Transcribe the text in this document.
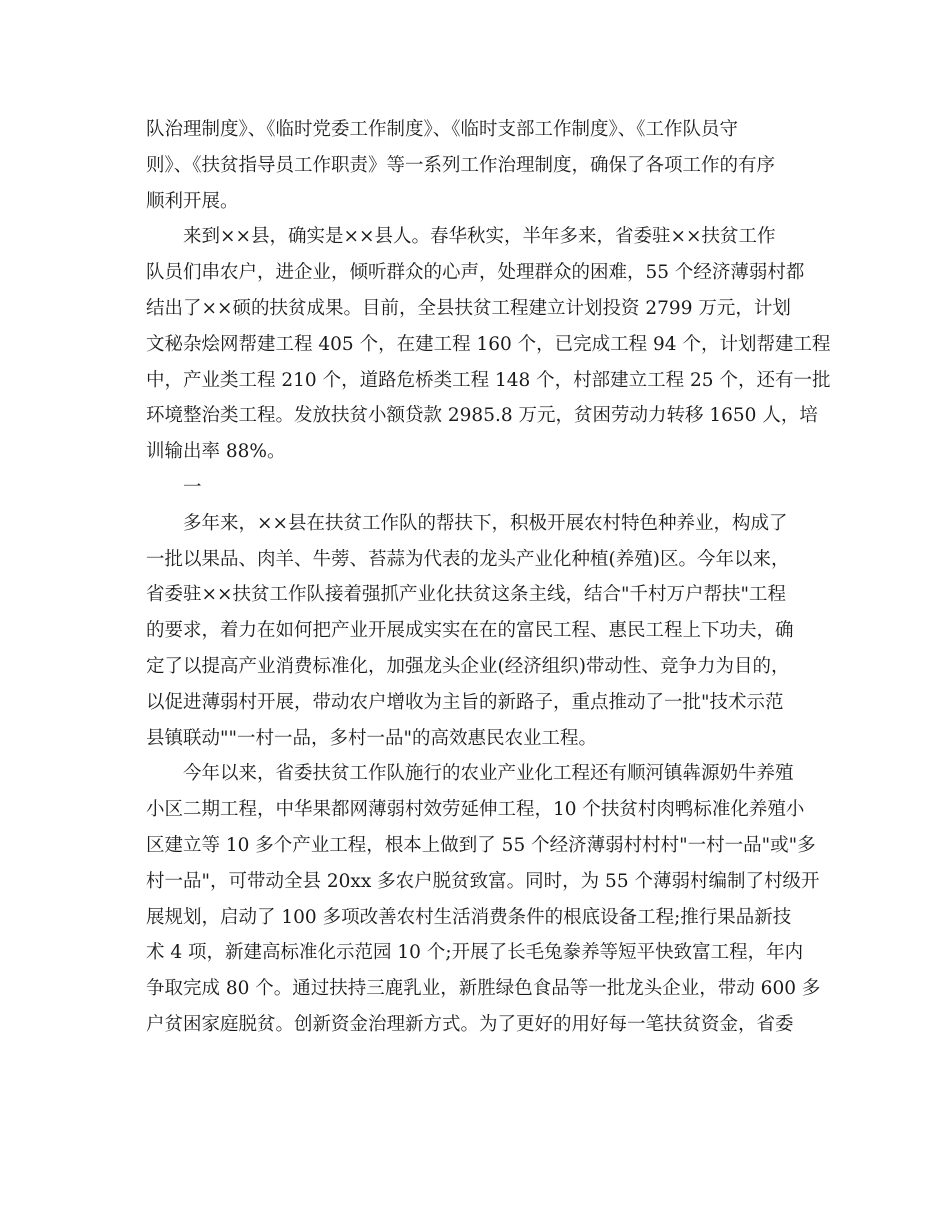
队治理制度》、《临时党委工作制度》、《临时支部工作制度》、《工作队员守
则》、《扶贫指导员工作职责》等一系列工作治理制度，确保了各项工作的有序
顺利开展。
来到××县，确实是××县人。春华秋实，半年多来，省委驻××扶贫工作
队员们串农户，进企业，倾听群众的心声，处理群众的困难，55 个经济薄弱村都
结出了××硕的扶贫成果。目前，全县扶贫工程建立计划投资 2799 万元，计划
文秘杂烩网帮建工程 405 个，在建工程 160 个，已完成工程 94 个，计划帮建工程
中，产业类工程 210 个，道路危桥类工程 148 个，村部建立工程 25 个，还有一批
环境整治类工程。发放扶贫小额贷款 2985.8 万元，贫困劳动力转移 1650 人，培
训输出率 88%。
一
多年来，××县在扶贫工作队的帮扶下，积极开展农村特色种养业，构成了
一批以果品、肉羊、牛蒡、苔蒜为代表的龙头产业化种植(养殖)区。今年以来，
省委驻××扶贫工作队接着强抓产业化扶贫这条主线，结合"千村万户帮扶"工程
的要求，着力在如何把产业开展成实实在在的富民工程、惠民工程上下功夫，确
定了以提高产业消费标准化，加强龙头企业(经济组织)带动性、竞争力为目的，
以促进薄弱村开展，带动农户增收为主旨的新路子，重点推动了一批"技术示范
县镇联动""一村一品，多村一品"的高效惠民农业工程。
今年以来，省委扶贫工作队施行的农业产业化工程还有顺河镇犇源奶牛养殖
小区二期工程，中华果都网薄弱村效劳延伸工程，10 个扶贫村肉鸭标准化养殖小
区建立等 10 多个产业工程，根本上做到了 55 个经济薄弱村村村"一村一品"或"多
村一品"，可带动全县 20xx 多农户脱贫致富。同时，为 55 个薄弱村编制了村级开
展规划，启动了 100 多项改善农村生活消费条件的根底设备工程;推行果品新技
术 4 项，新建高标准化示范园 10 个;开展了长毛兔豢养等短平快致富工程，年内
争取完成 80 个。通过扶持三鹿乳业，新胜绿色食品等一批龙头企业，带动 600 多
户贫困家庭脱贫。创新资金治理新方式。为了更好的用好每一笔扶贫资金，省委
